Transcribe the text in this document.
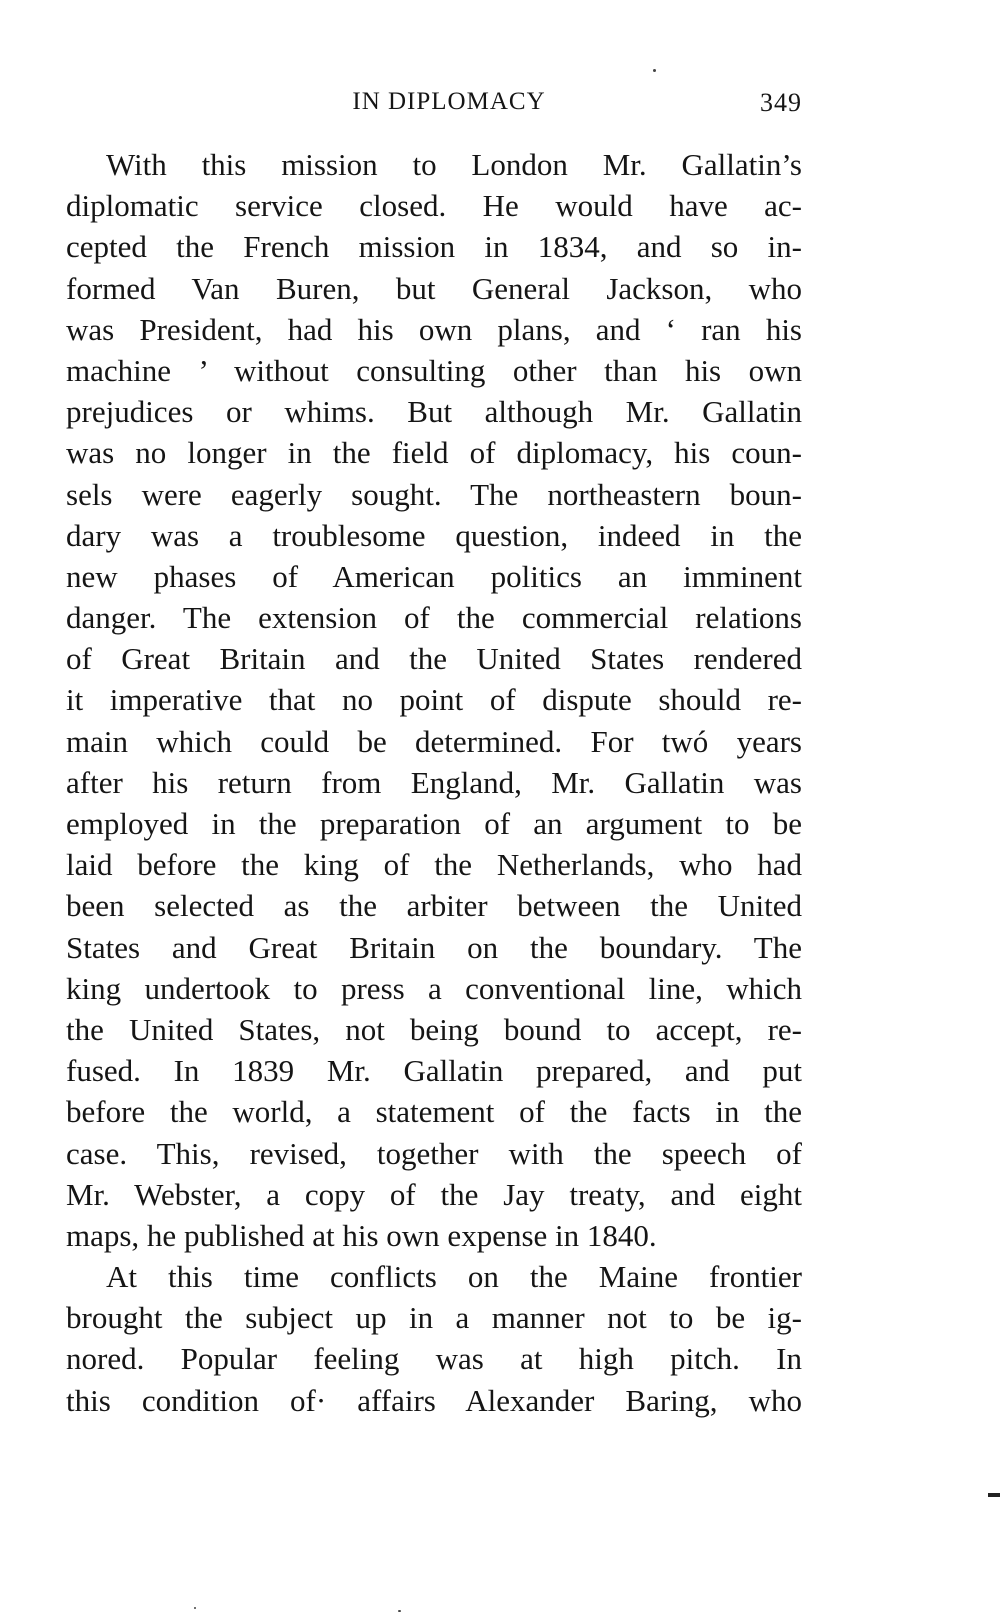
IN DIPLOMACY	349
With this mission to London Mr. Gallatin’s
diplomatic service closed. He would have ac-
cepted the French mission in 1834, and so in-
formed Van Buren, but General Jackson, who
was President, had his own plans, and ‘ ran his
machine ’ without consulting other than his own
prejudices or whims. But although Mr. Gallatin
was no longer in the field of diplomacy, his coun-
sels were eagerly sought. The northeastern boun-
dary was a troublesome question, indeed in the
new phases of American politics an imminent
danger. The extension of the commercial relations
of Great Britain and the United States rendered
it imperative that no point of dispute should re-
main which could be determined. For twó years
after his return from England, Mr. Gallatin was
employed in the preparation of an argument to be
laid before the king of the Netherlands, who had
been selected as the arbiter between the United
States and Great Britain on the boundary. The
king undertook to press a conventional line, which
the United States, not being bound to accept, re-
fused. In 1839 Mr. Gallatin prepared, and put
before the world, a statement of the facts in the
case. This, revised, together with the speech of
Mr. Webster, a copy of the Jay treaty, and eight
maps, he published at his own expense in 1840.
At this time conflicts on the Maine frontier
brought the subject up in a manner not to be ig-
nored. Popular feeling was at high pitch. In
this condition of· affairs Alexander Baring, who
